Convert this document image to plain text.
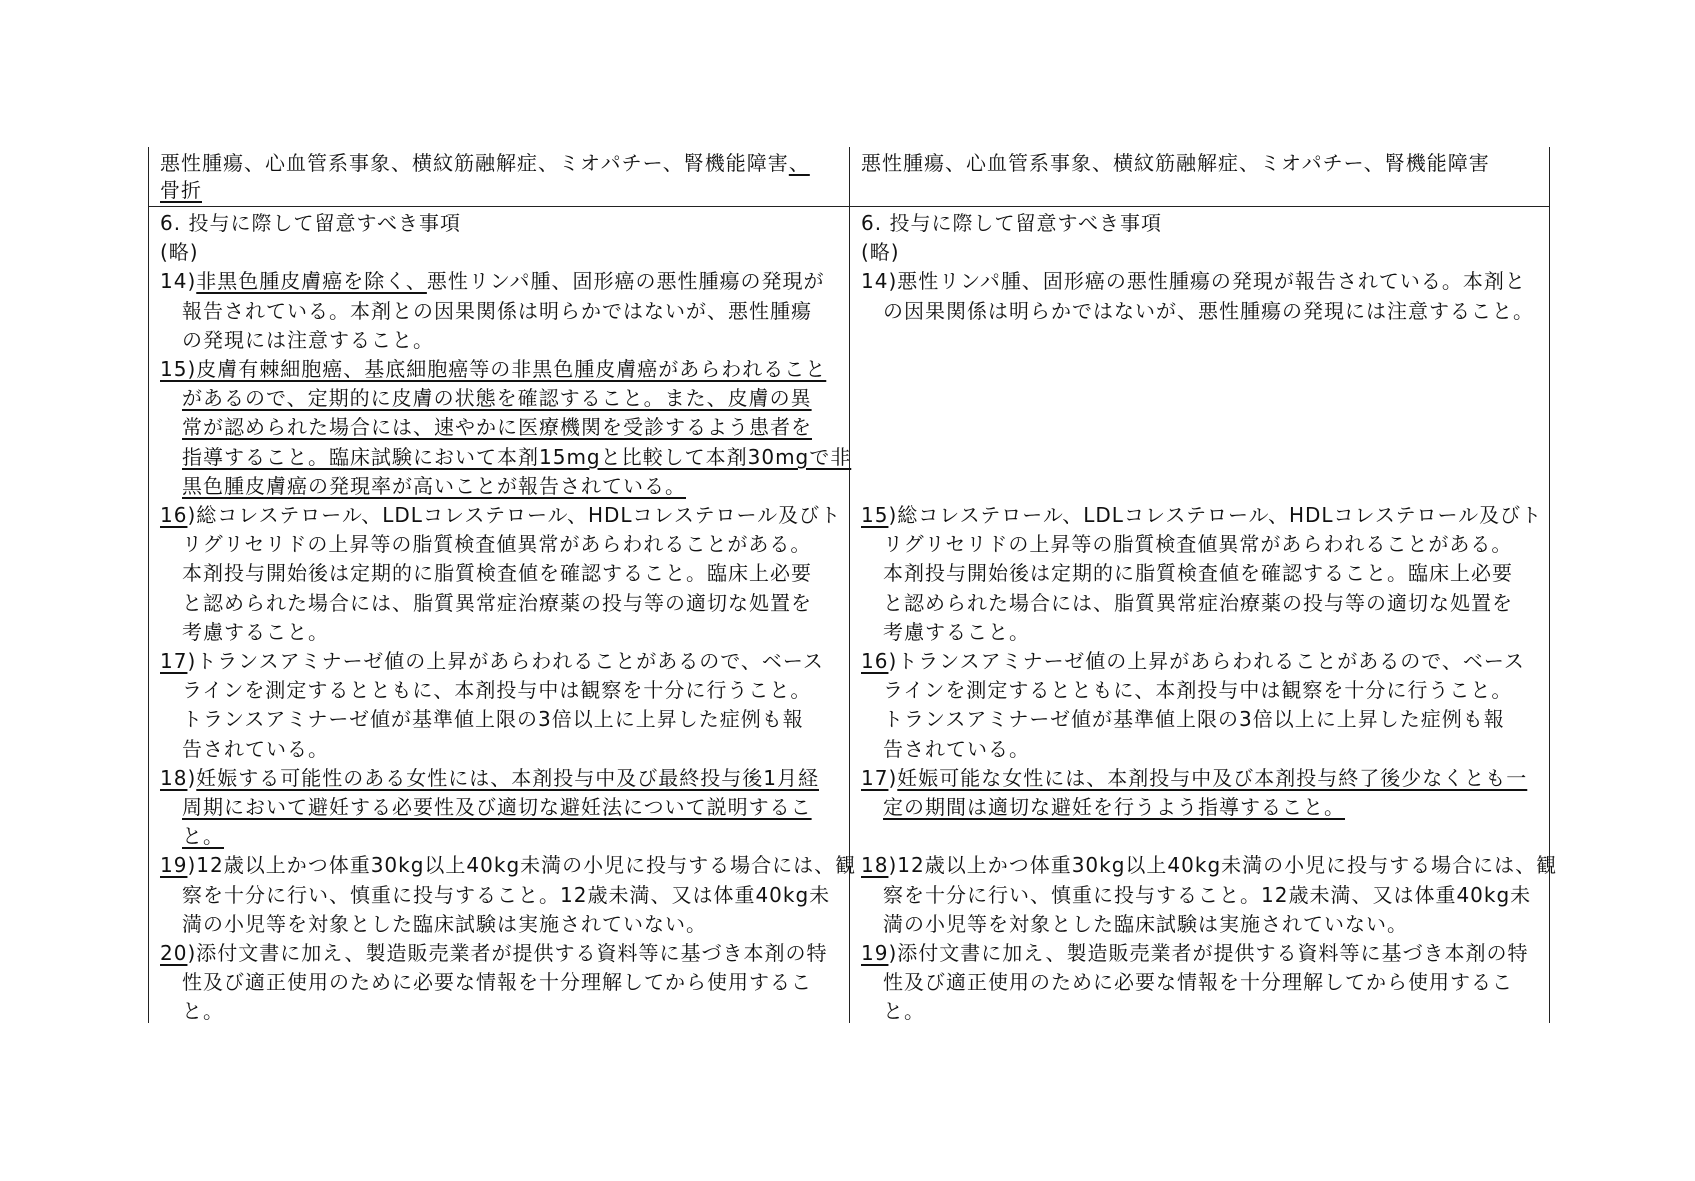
悪性腫瘍、心血管系事象、横紋筋融解症、ミオパチー、腎機能障害、
骨折
悪性腫瘍、心血管系事象、横紋筋融解症、ミオパチー、腎機能障害
6. 投与に際して留意すべき事項
(略)
14)非黒色腫皮膚癌を除く、悪性リンパ腫、固形癌の悪性腫瘍の発現が
報告されている。本剤との因果関係は明らかではないが、悪性腫瘍
の発現には注意すること。
15)皮膚有棘細胞癌、基底細胞癌等の非黒色腫皮膚癌があらわれること
があるので、定期的に皮膚の状態を確認すること。また、皮膚の異
常が認められた場合には、速やかに医療機関を受診するよう患者を
指導すること。臨床試験において本剤15mgと比較して本剤30mgで非
黒色腫皮膚癌の発現率が高いことが報告されている。
16)総コレステロール、LDLコレステロール、HDLコレステロール及びト
リグリセリドの上昇等の脂質検査値異常があらわれることがある。
本剤投与開始後は定期的に脂質検査値を確認すること。臨床上必要
と認められた場合には、脂質異常症治療薬の投与等の適切な処置を
考慮すること。
17)トランスアミナーゼ値の上昇があらわれることがあるので、ベース
ラインを測定するとともに、本剤投与中は観察を十分に行うこと。
トランスアミナーゼ値が基準値上限の3倍以上に上昇した症例も報
告されている。
18)妊娠する可能性のある女性には、本剤投与中及び最終投与後1月経
周期において避妊する必要性及び適切な避妊法について説明するこ
と。
19)12歳以上かつ体重30kg以上40kg未満の小児に投与する場合には、観
察を十分に行い、慎重に投与すること。12歳未満、又は体重40kg未
満の小児等を対象とした臨床試験は実施されていない。
20)添付文書に加え、製造販売業者が提供する資料等に基づき本剤の特
性及び適正使用のために必要な情報を十分理解してから使用するこ
と。
6. 投与に際して留意すべき事項
(略)
14)悪性リンパ腫、固形癌の悪性腫瘍の発現が報告されている。本剤と
の因果関係は明らかではないが、悪性腫瘍の発現には注意すること。
15)総コレステロール、LDLコレステロール、HDLコレステロール及びト
リグリセリドの上昇等の脂質検査値異常があらわれることがある。
本剤投与開始後は定期的に脂質検査値を確認すること。臨床上必要
と認められた場合には、脂質異常症治療薬の投与等の適切な処置を
考慮すること。
16)トランスアミナーゼ値の上昇があらわれることがあるので、ベース
ラインを測定するとともに、本剤投与中は観察を十分に行うこと。
トランスアミナーゼ値が基準値上限の3倍以上に上昇した症例も報
告されている。
17)妊娠可能な女性には、本剤投与中及び本剤投与終了後少なくとも一
定の期間は適切な避妊を行うよう指導すること。
18)12歳以上かつ体重30kg以上40kg未満の小児に投与する場合には、観
察を十分に行い、慎重に投与すること。12歳未満、又は体重40kg未
満の小児等を対象とした臨床試験は実施されていない。
19)添付文書に加え、製造販売業者が提供する資料等に基づき本剤の特
性及び適正使用のために必要な情報を十分理解してから使用するこ
と。
